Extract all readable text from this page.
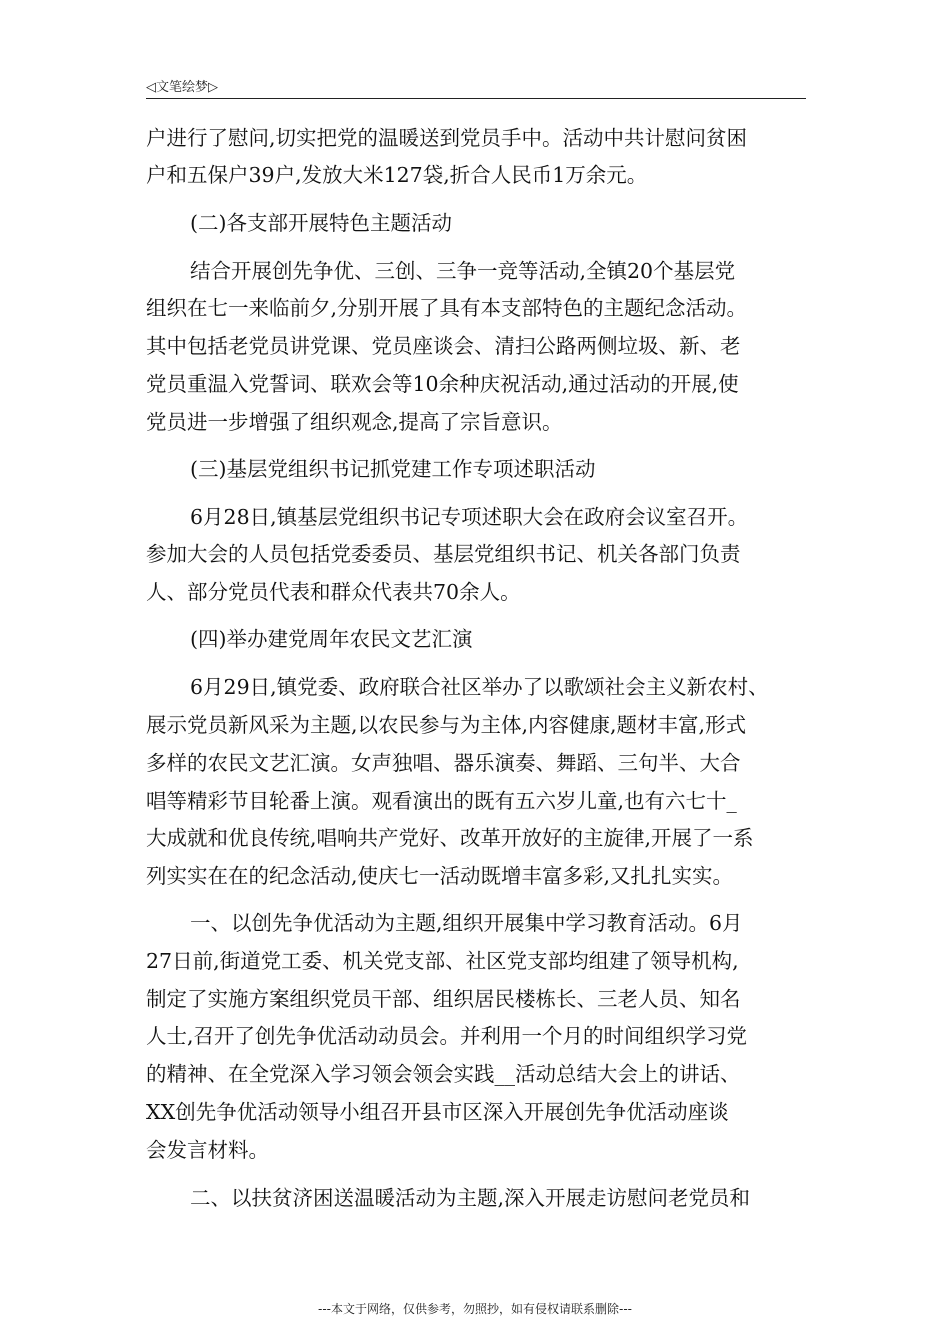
◁文笔绘梦▷
户进行了慰问,切实把党的温暖送到党员手中。活动中共计慰问贫困
户和五保户39户,发放大米127袋,折合人民币1万余元。
(二)各支部开展特色主题活动
结合开展创先争优、三创、三争一竞等活动,全镇20个基层党
组织在七一来临前夕,分别开展了具有本支部特色的主题纪念活动。
其中包括老党员讲党课、党员座谈会、清扫公路两侧垃圾、新、老
党员重温入党誓词、联欢会等10余种庆祝活动,通过活动的开展,使
党员进一步增强了组织观念,提高了宗旨意识。
(三)基层党组织书记抓党建工作专项述职活动
6月28日,镇基层党组织书记专项述职大会在政府会议室召开。
参加大会的人员包括党委委员、基层党组织书记、机关各部门负责
人、部分党员代表和群众代表共70余人。
(四)举办建党周年农民文艺汇演
6月29日,镇党委、政府联合社区举办了以歌颂社会主义新农村、
展示党员新风采为主题,以农民参与为主体,内容健康,题材丰富,形式
多样的农民文艺汇演。女声独唱、器乐演奏、舞蹈、三句半、大合
唱等精彩节目轮番上演。观看演出的既有五六岁儿童,也有六七十_
大成就和优良传统,唱响共产党好、改革开放好的主旋律,开展了一系
列实实在在的纪念活动,使庆七一活动既增丰富多彩,又扎扎实实。
一、以创先争优活动为主题,组织开展集中学习教育活动。6月
27日前,街道党工委、机关党支部、社区党支部均组建了领导机构,
制定了实施方案组织党员干部、组织居民楼栋长、三老人员、知名
人士,召开了创先争优活动动员会。并利用一个月的时间组织学习党
的精神、在全党深入学习领会领会实践__活动总结大会上的讲话、
XX创先争优活动领导小组召开县市区深入开展创先争优活动座谈
会发言材料。
二、以扶贫济困送温暖活动为主题,深入开展走访慰问老党员和
---本文于网络，仅供参考，勿照抄，如有侵权请联系删除---
